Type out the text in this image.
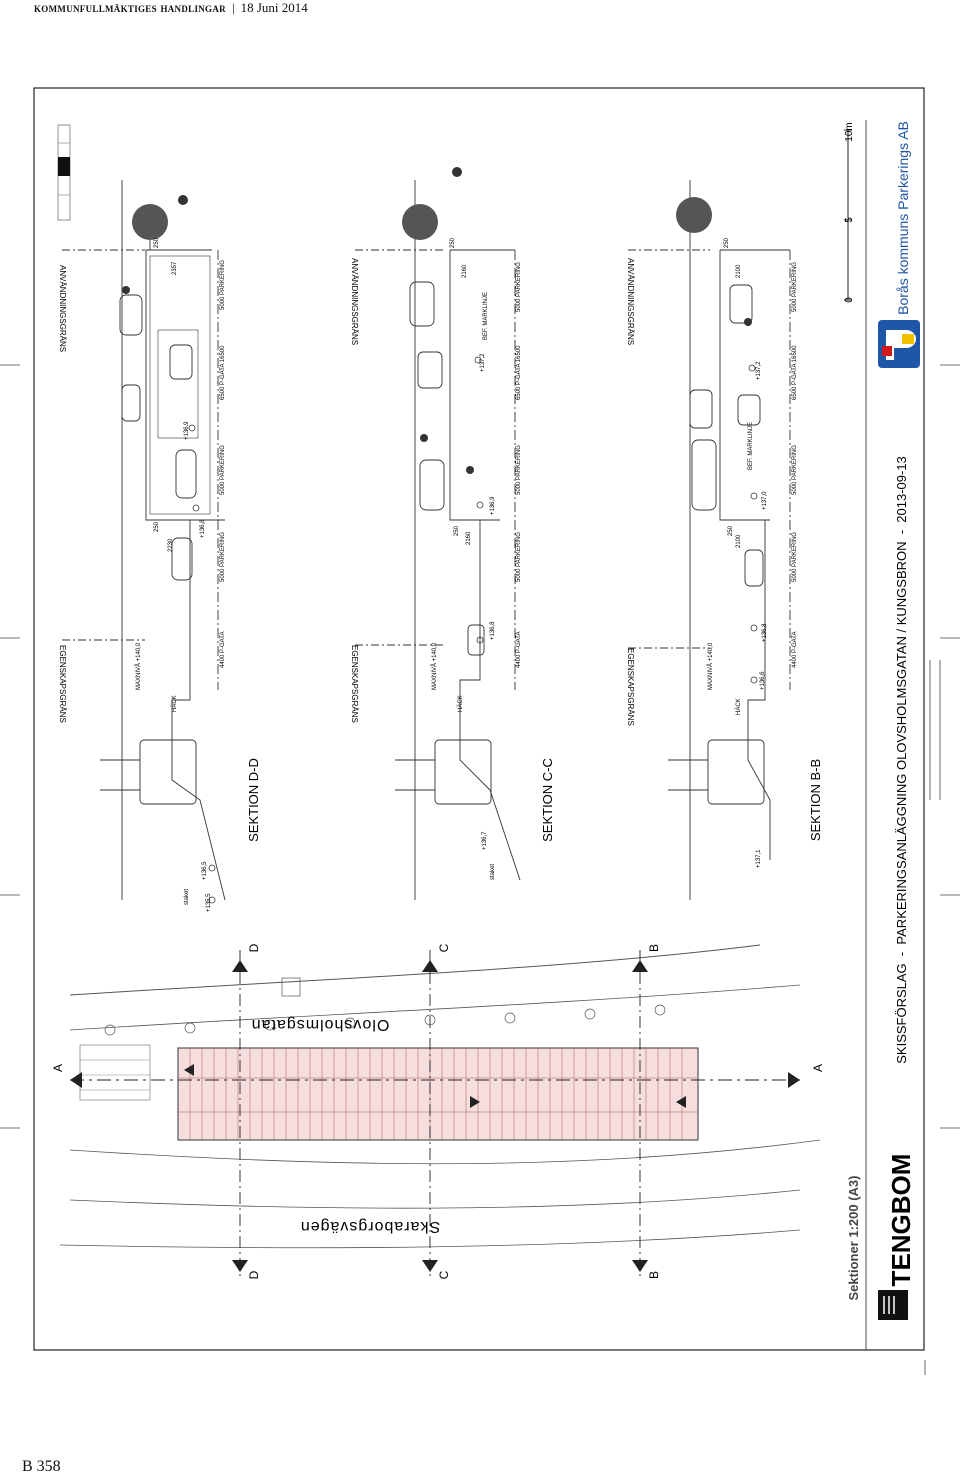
kommunfullmäktiges handlingar | 18 Juni 2014
SEKTION D-D	SEKTION C-C	SEKTION B-B
ANVÄNDNINGSGRÄNS
EGENSKAPSGRÄNS
ANVÄNDNINGSGRÄNS
EGENSKAPSGRÄNS
ANVÄNDNINGSGRÄNS
EGENSKAPSGRÄNS
MAXNIVÅ +140,0
HÄCK
staket
MAXNIVÅ +140,0
HÄCK
staket
BEF. MARKLINJE
MAXNIVÅ +140,0
HÄCK
BEF. MARKLINJE
+136,9
+136,8
+136,5
+135,5
+137,2
+136,9
+136,8
+136,7
+137,2
+137,0
+136,8
+136,6
+137,1
250
2357
2230
250
250
2160
2160
250
250
2100
2100
250
5000 PARKERING
6500 P-GATA 16500
5000 PARKERING
5000 PARKERING
4400 P-GATA
5000 PARKERING
6500 P-GATA 16500
5000 PARKERING
5000 PARKERING
4400 P-GATA
5000 PARKERING
6500 P-GATA 16500
5000 PARKERING
5000 PARKERING
4400 P-GATA
D
D
C
C
B
B
A	A
Olovsholmsgatan
Skaraborgsvägen	Sektioner 1:200 (A3) TENGBOM
SKISSFÖRSLAG  -  PARKERINGSANLÄGGNING OLOVSHOLMSGATAN / KUNGSBRON  -  2013-09-13
Borås kommuns Parkerings AB
0
5
10m
B 358
